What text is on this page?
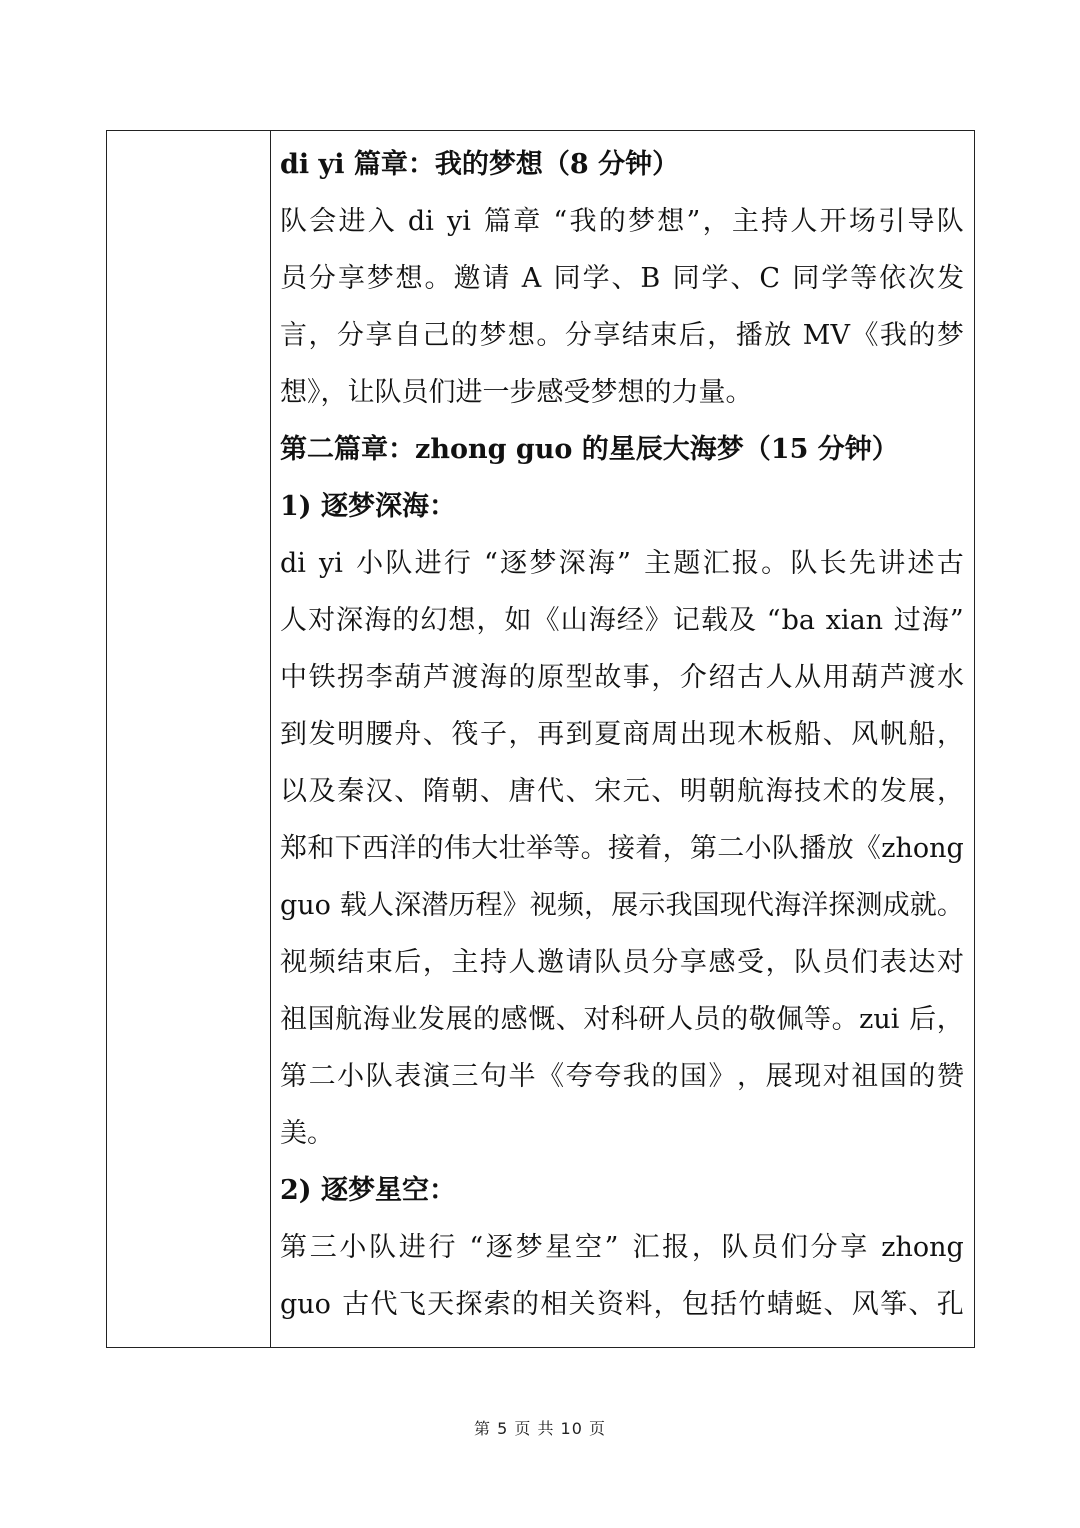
di yi 篇章：我的梦想（8 分钟）
队 会 进 入
di
yi
篇 章
“ 我 的 梦 想 ” ， 主 持 人 开 场 引 导 队
员 分 享 梦 想 。 邀 请
A
同 学 、 B
同 学 、 C
同 学 等 依 次 发
言 ， 分 享 自 己 的 梦 想 。 分 享 结 束 后 ， 播 放
MV 《 我 的 梦
想》，让队员们进一步感受梦想的力量。
第二篇章：zhong guo 的星辰大海梦（15 分钟）
1) 逐梦深海：
di
yi
小 队 进 行
“ 逐 梦 深 海 ”
主 题 汇 报 。 队 长 先 讲 述 古
人 对 深 海 的 幻 想 ， 如 《 山 海 经 》 记 载 及
“ ba
xian
过 海 ”
中 铁 拐 李 葫 芦 渡 海 的 原 型 故 事 ， 介 绍 古 人 从 用 葫 芦 渡 水
到 发 明 腰 舟 、 筏 子 ， 再 到 夏 商 周 出 现 木 板 船 、 风 帆 船 ，
以 及 秦 汉 、 隋 朝 、 唐 代 、 宋 元 、 明 朝 航 海 技 术 的 发 展 ，
郑 和 下 西 洋 的 伟 大 壮 举 等 。 接 着 ， 第 二 小 队 播 放 《 zhong
guo
载 人 深 潜 历 程 》 视 频 ， 展 示 我 国 现 代 海 洋 探 测 成 就 。
视 频 结 束 后 ， 主 持 人 邀 请 队 员 分 享 感 受 ， 队 员 们 表 达 对
祖 国 航 海 业 发 展 的 感 慨 、 对 科 研 人 员 的 敬 佩 等 。 zui
后 ，
第 二 小 队 表 演 三 句 半 《 夸 夸 我 的 国 》 ， 展 现 对 祖 国 的 赞
美。
2) 逐梦星空：
第 三 小 队 进 行
“ 逐 梦 星 空 ”
汇 报 ， 队 员 们 分 享
zhong
guo
古 代 飞 天 探 索 的 相 关 资 料 ， 包 括 竹 蜻 蜓 、 风 筝 、 孔
第 5 页 共 10 页
